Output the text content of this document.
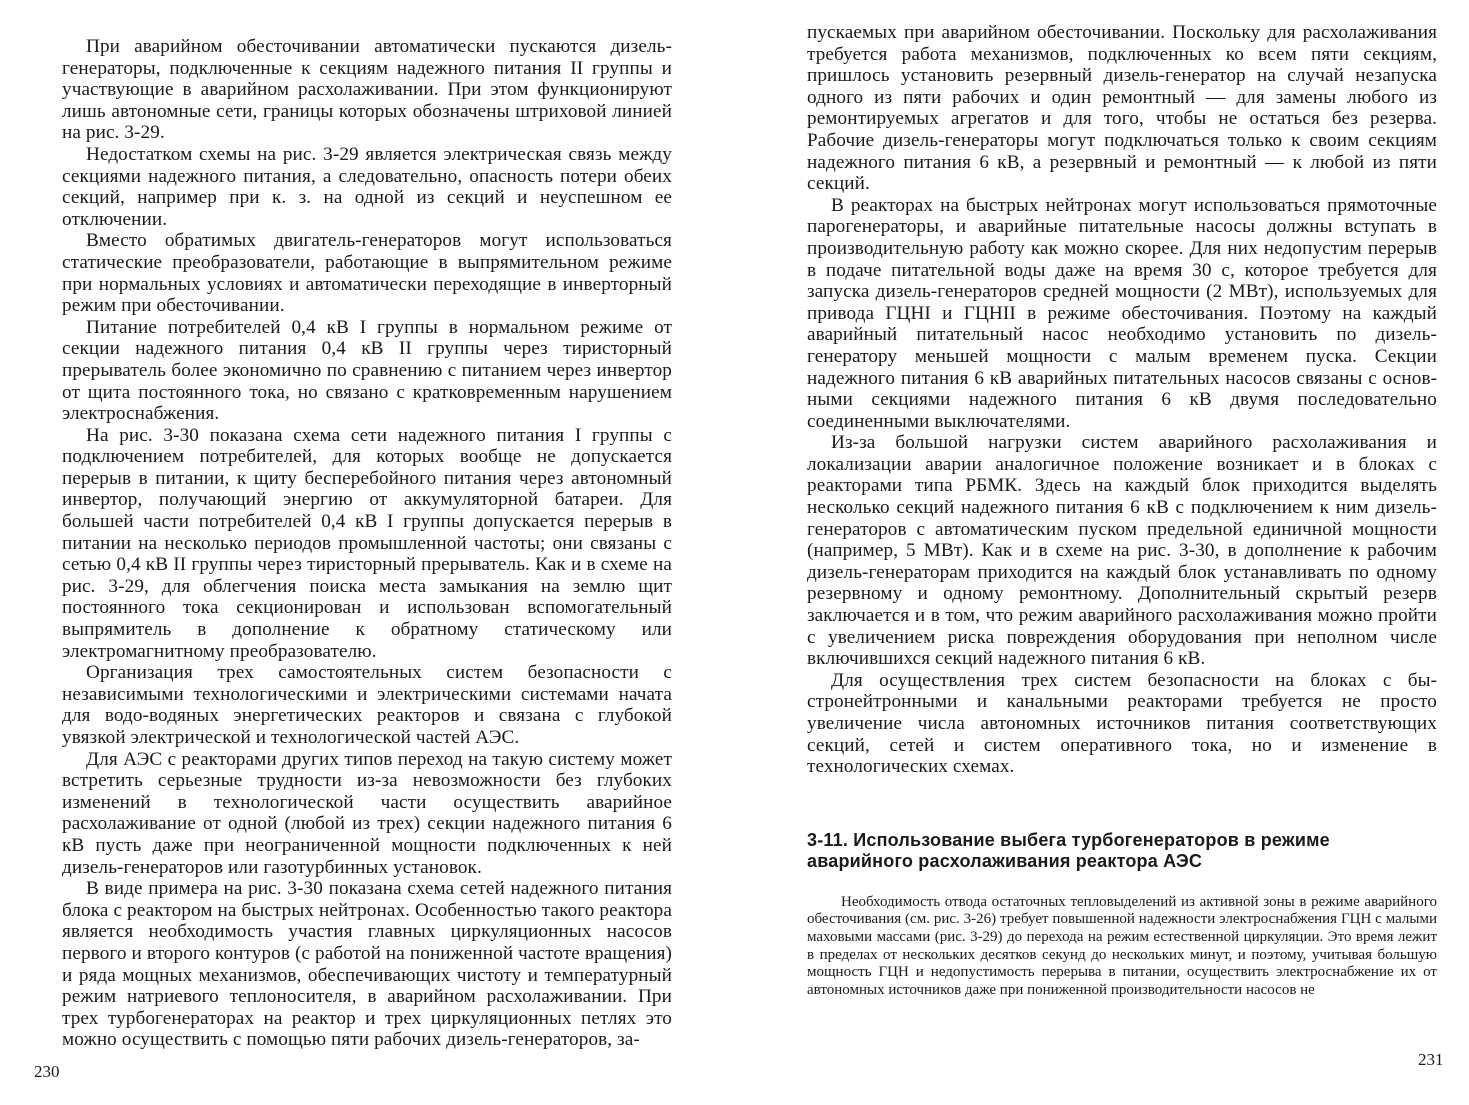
При аварийном обесточивании автоматически пускаются дизель-генераторы, подключенные к секциям надежного питания II группы и участвующие в аварийном расхолаживании. При этом функционируют лишь автономные сети, границы которых обозначены штриховой линией на рис. 3-29.

Недостатком схемы на рис. 3-29 является электрическая связь между секциями надежного питания, а следовательно, опасность потери обеих секций, например при к. з. на одной из секций и неуспешном ее отключении.

Вместо обратимых двигатель-генераторов могут использоваться статические преобразователи, работающие в выпрямительном режиме при нормальных условиях и автоматически переходящие в инверторный режим при обесточивании.

Питание потребителей 0,4 кВ I группы в нормальном режиме от секции надежного питания 0,4 кВ II группы через тиристорный прерыватель более экономично по сравнению с питанием через инвертор от щита постоянного тока, но связано с кратковременным нарушением электроснабжения.

На рис. 3-30 показана схема сети надежного питания I группы с подключением потребителей, для которых вообще не допускается перерыв в питании, к щиту бесперебойного питания через автономный инвертор, получающий энергию от аккумуляторной батареи. Для большей части потребителей 0,4 кВ I группы допускается перерыв в питании на несколько периодов промышленной частоты; они связаны с сетью 0,4 кВ II группы через тиристорный прерыватель. Как и в схеме на рис. 3-29, для облегчения поиска места замыкания на землю щит постоянного тока секционирован и использован вспомогательный выпрямитель в дополнение к обратному статическому или электромагнитному преобразователю.

Организация трех самостоятельных систем безопасности с независимыми технологическими и электрическими системами начата для водо-водяных энергетических реакторов и связана с глубокой увязкой электрической и технологической частей АЭС.

Для АЭС с реакторами других типов переход на такую систему может встретить серьезные трудности из-за невозможности без глубоких изменений в технологической части осуществить аварийное расхолаживание от одной (любой из трех) секции надежного питания 6 кВ пусть даже при неограниченной мощности подключенных к ней дизель-генераторов или газотурбинных установок.

В виде примера на рис. 3-30 показана схема сетей надежного питания блока с реактором на быстрых нейтронах. Особенностью такого реактора является необходимость участия главных циркуляционных насосов первого и второго контуров (с работой на пониженной частоте вращения) и ряда мощных механизмов, обеспечивающих чистоту и температурный режим натриевого теплоносителя, в аварийном расхолаживании. При трех турбогенераторах на реактор и трех циркуляционных петлях это можно осуществить с помощью пяти рабочих дизель-генераторов, за-

230

пускаемых при аварийном обесточивании. Поскольку для расхолаживания требуется работа механизмов, подключенных ко всем пяти секциям, пришлось установить резервный дизель-генератор на случай незапуска одного из пяти рабочих и один ремонтный — для замены любого из ремонтируемых агрегатов и для того, чтобы не остаться без резерва. Рабочие дизель-генераторы могут подключаться только к своим секциям надежного питания 6 кВ, а резервный и ремонтный — к любой из пяти секций.

В реакторах на быстрых нейтронах могут использоваться прямоточные парогенераторы, и аварийные питательные насосы должны вступать в производительную работу как можно скорее. Для них недопустим перерыв в подаче питательной воды даже на время 30 с, которое требуется для запуска дизель-генераторов средней мощности (2 МВт), используемых для привода ГЦНI и ГЦНII в режиме обесточивания. Поэтому на каждый аварийный питательный насос необходимо установить по дизель-генератору меньшей мощности с малым временем пуска. Секции надежного питания 6 кВ аварийных питательных насосов связаны с основными секциями надежного питания 6 кВ двумя последовательно соединенными выключателями.

Из-за большой нагрузки систем аварийного расхолаживания и локализации аварии аналогичное положение возникает и в блоках с реакторами типа РБМК. Здесь на каждый блок приходится выделять несколько секций надежного питания 6 кВ с подключением к ним дизель-генераторов с автоматическим пуском предельной единичной мощности (например, 5 МВт). Как и в схеме на рис. 3-30, в дополнение к рабочим дизель-генераторам приходится на каждый блок устанавливать по одному резервному и одному ремонтному. Дополнительный скрытый резерв заключается и в том, что режим аварийного расхолаживания можно пройти с увеличением риска повреждения оборудования при неполном числе включившихся секций надежного питания 6 кВ.

Для осуществления трех систем безопасности на блоках с быстронейтронными и канальными реакторами требуется не просто увеличение числа автономных источников питания соответствующих секций, сетей и систем оперативного тока, но и изменение в технологических схемах.

3-11. Использование выбега турбогенераторов в режиме аварийного расхолаживания реактора АЭС

Необходимость отвода остаточных тепловыделений из активной зоны в режиме аварийного обесточивания (см. рис. 3-26) требует повышенной надежности электроснабжения ГЦН с малыми маховыми массами (рис. 3-29) до перехода на режим естественной циркуляции. Это время лежит в пределах от нескольких десятков секунд до нескольких минут, и поэтому, учитывая большую мощность ГЦН и недопустимость перерыва в питании, осуществить электроснабжение их от автономных источников даже при пониженной производительности насосов не

231
